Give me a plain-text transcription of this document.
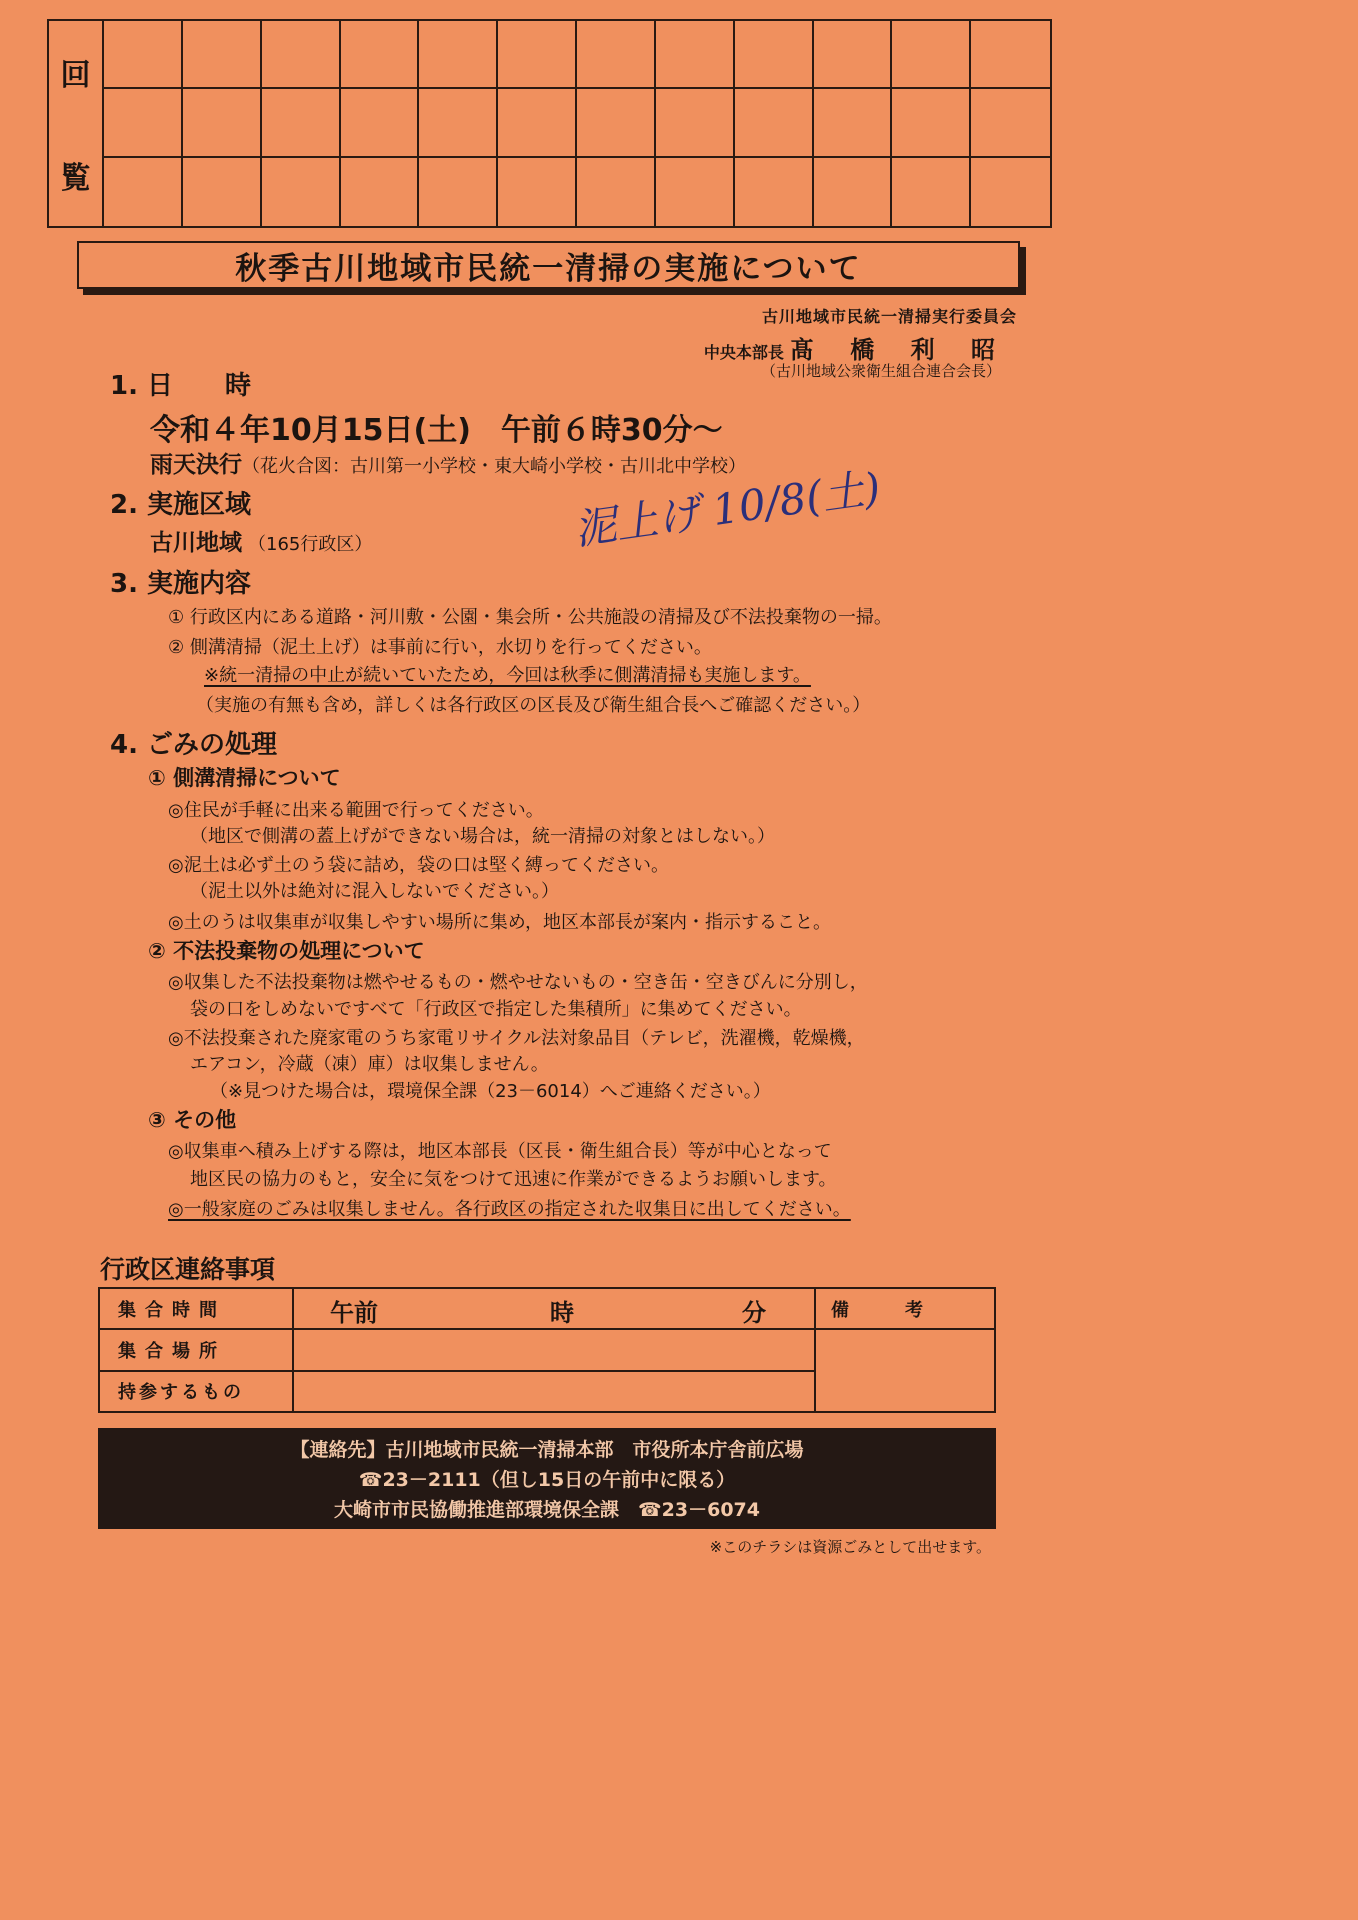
回
覧
秋季古川地域市民統一清掃の実施について
古川地域市民統一清掃実行委員会
中央本部長 髙 橋 利 昭
（古川地域公衆衛生組合連合会長）
1. 日　　時
令和４年10月15日(土)　午前６時30分～
雨天決行（花火合図：古川第一小学校・東大崎小学校・古川北中学校）
2. 実施区域
古川地域 （165行政区）	泥上げ 10/8(土)
3. 実施内容
① 行政区内にある道路・河川敷・公園・集会所・公共施設の清掃及び不法投棄物の一掃。
② 側溝清掃（泥土上げ）は事前に行い，水切りを行ってください。
※統一清掃の中止が続いていたため，今回は秋季に側溝清掃も実施します。
（実施の有無も含め，詳しくは各行政区の区長及び衛生組合長へご確認ください。）
4. ごみの処理
① 側溝清掃について
◎住民が手軽に出来る範囲で行ってください。
（地区で側溝の蓋上げができない場合は，統一清掃の対象とはしない。）
◎泥土は必ず土のう袋に詰め，袋の口は堅く縛ってください。
（泥土以外は絶対に混入しないでください。）
◎土のうは収集車が収集しやすい場所に集め，地区本部長が案内・指示すること。
② 不法投棄物の処理について
◎収集した不法投棄物は燃やせるもの・燃やせないもの・空き缶・空きびんに分別し，
袋の口をしめないですべて「行政区で指定した集積所」に集めてください。
◎不法投棄された廃家電のうち家電リサイクル法対象品目（テレビ，洗濯機，乾燥機，
エアコン，冷蔵（凍）庫）は収集しません。
（※見つけた場合は，環境保全課（23－6014）へご連絡ください。）
③ その他
◎収集車へ積み上げする際は，地区本部長（区長・衛生組合長）等が中心となって
地区民の協力のもと，安全に気をつけて迅速に作業ができるようお願いします。
◎一般家庭のごみは収集しません。各行政区の指定された収集日に出してください。
行政区連絡事項
集合時間	午前 時 分	備考
集合場所		
持参するもの		
【連絡先】古川地域市民統一清掃本部　市役所本庁舎前広場
☎23－2111（但し15日の午前中に限る）
大崎市市民協働推進部環境保全課　☎23－6074
※このチラシは資源ごみとして出せます。
